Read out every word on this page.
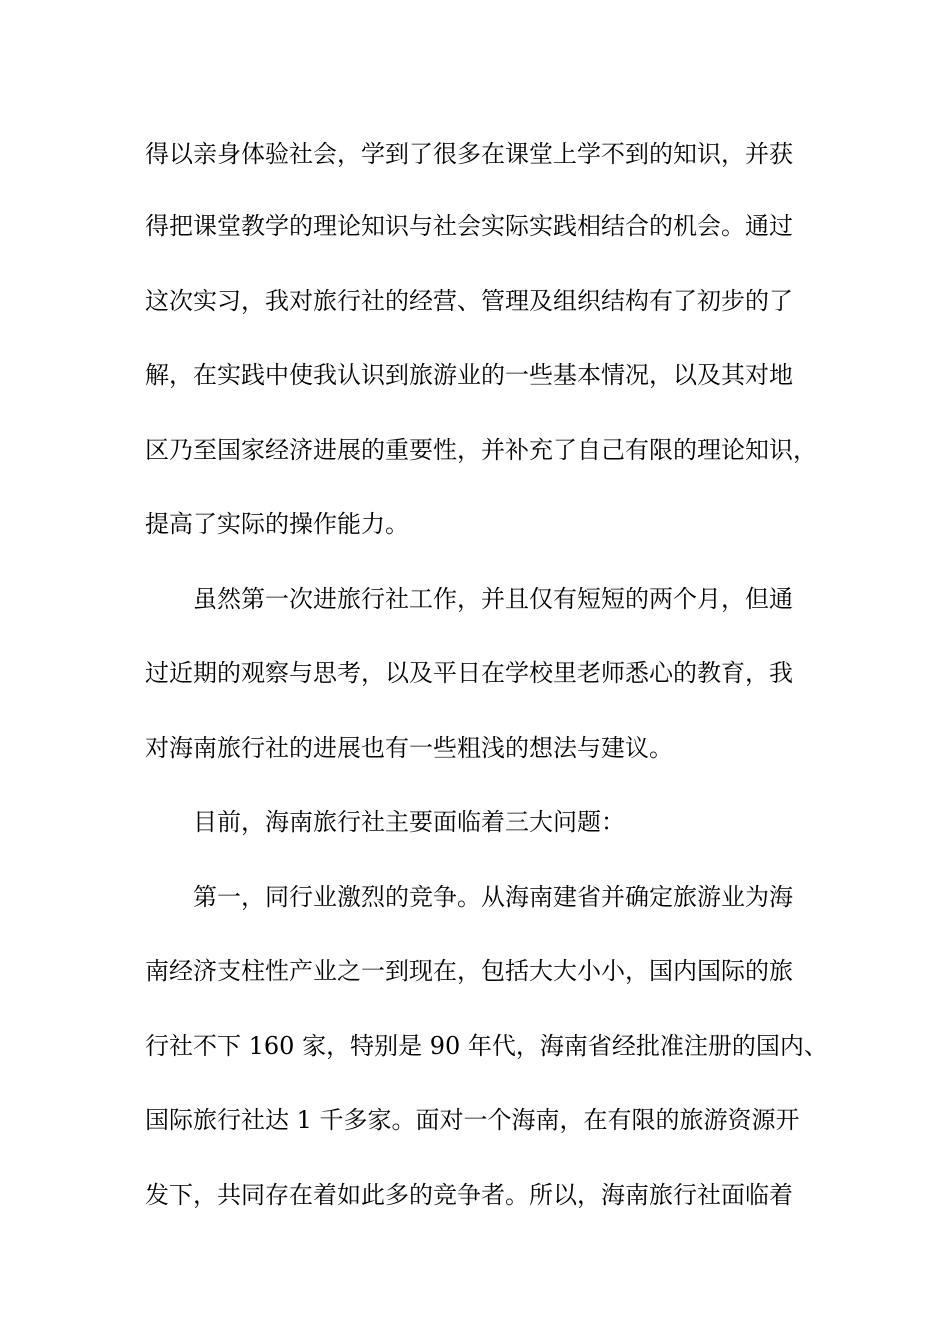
得以亲身体验社会，学到了很多在课堂上学不到的知识，并获
得把课堂教学的理论知识与社会实际实践相结合的机会。通过
这次实习，我对旅行社的经营、管理及组织结构有了初步的了
解，在实践中使我认识到旅游业的一些基本情况，以及其对地
区乃至国家经济进展的重要性，并补充了自己有限的理论知识，
提高了实际的操作能力。
虽然第一次进旅行社工作，并且仅有短短的两个月，但通
过近期的观察与思考，以及平日在学校里老师悉心的教育，我
对海南旅行社的进展也有一些粗浅的想法与建议。
目前，海南旅行社主要面临着三大问题：
第一，同行业激烈的竞争。从海南建省并确定旅游业为海
南经济支柱性产业之一到现在，包括大大小小，国内国际的旅
行社不下 160 家，特别是 90 年代，海南省经批准注册的国内、
国际旅行社达 1 千多家。面对一个海南，在有限的旅游资源开
发下，共同存在着如此多的竞争者。所以，海南旅行社面临着
